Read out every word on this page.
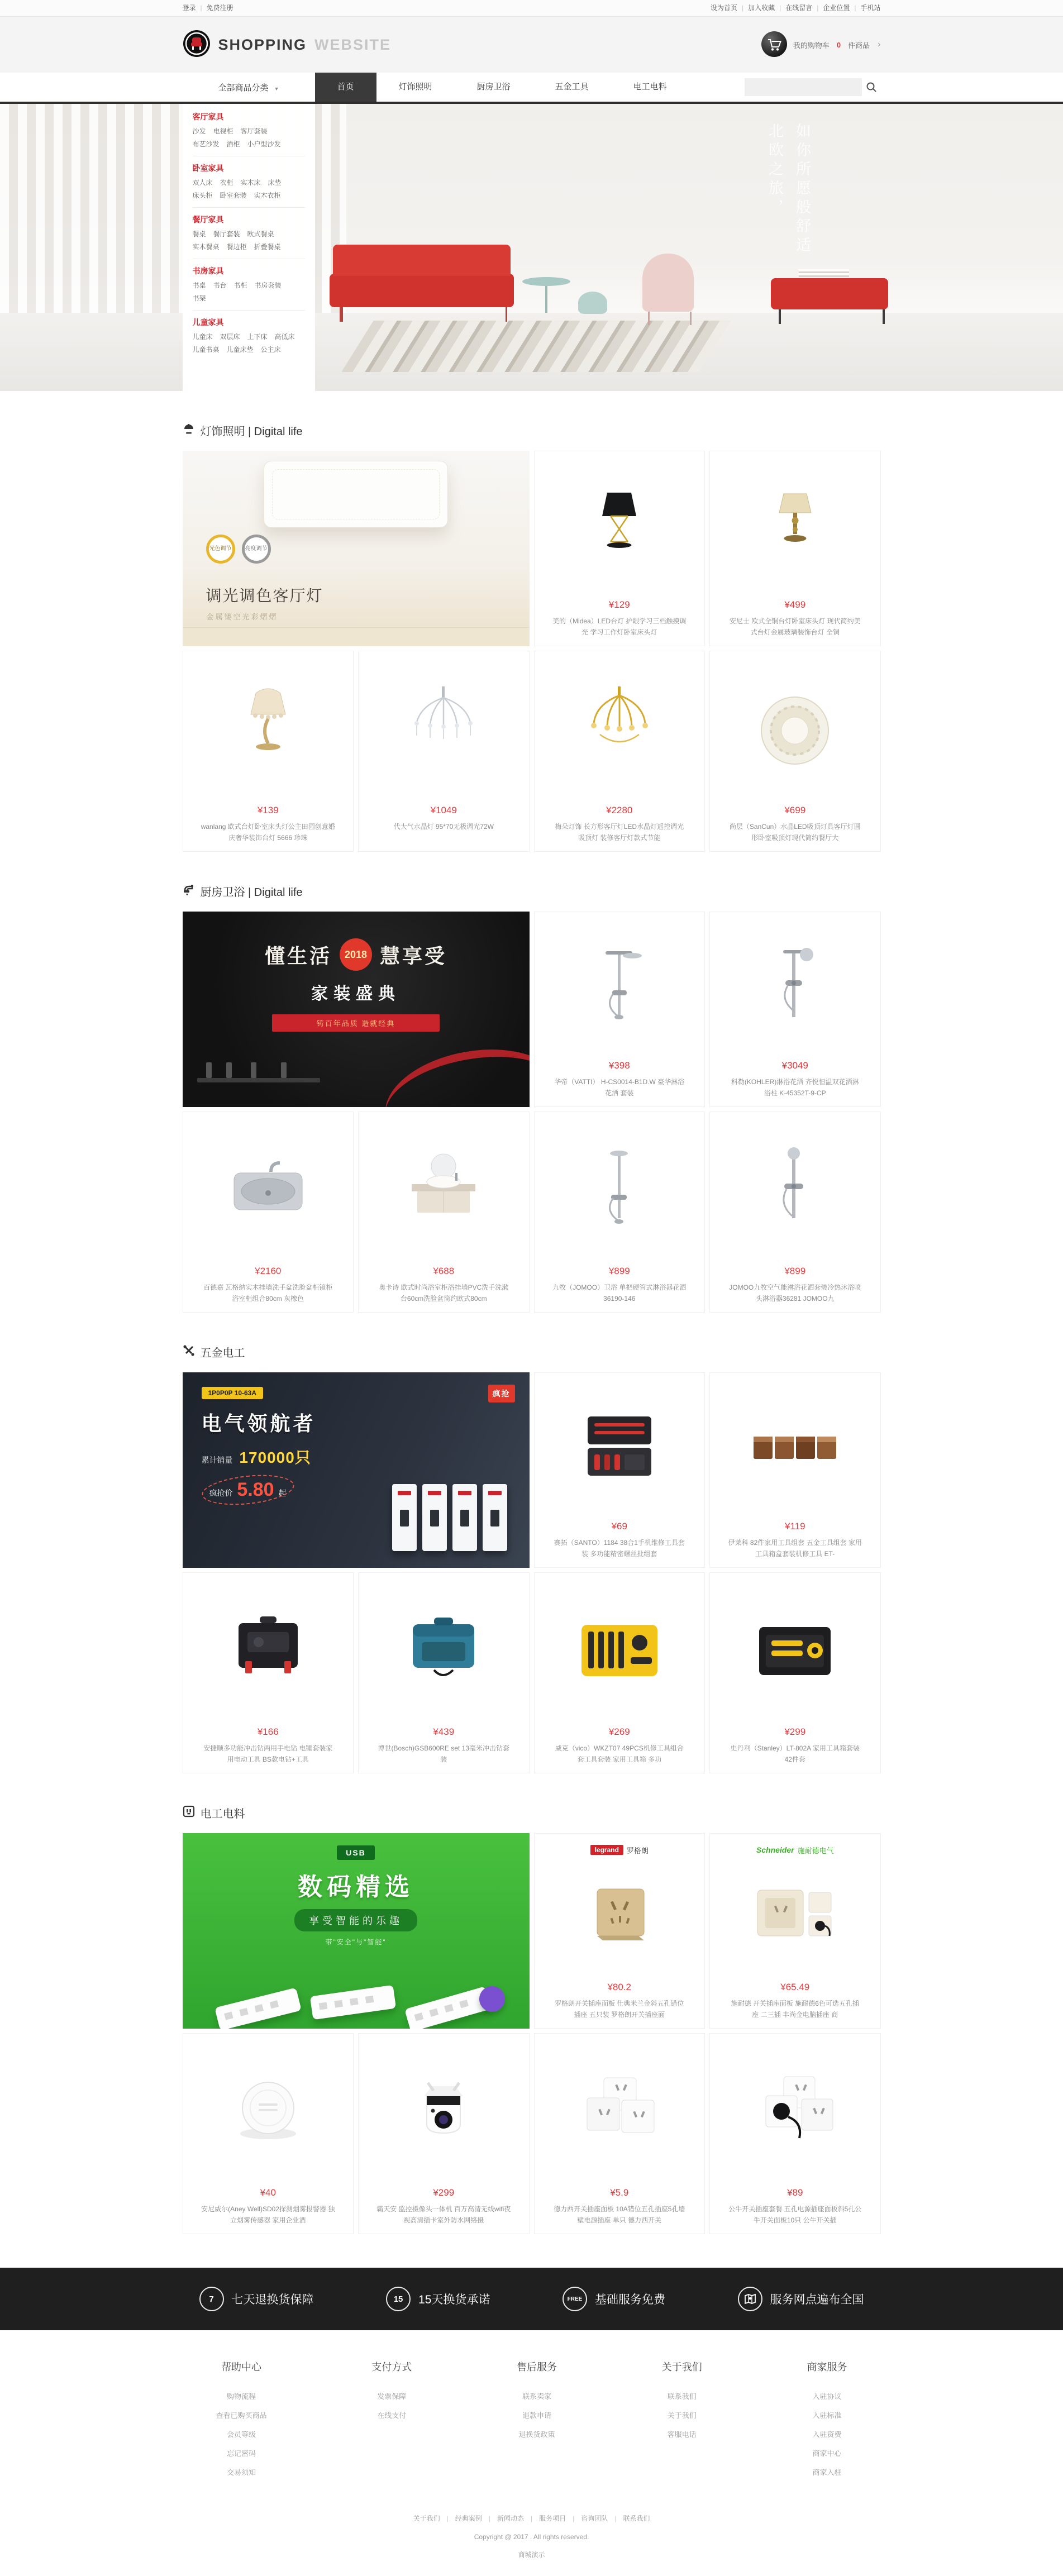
登录 | 免费注册	设为首页 | 加入收藏 | 在线留言 | 企业位置 | 手机站
SHOPPING WEBSITE	我的购物车 0 件商品 ›
全部商品分类 ▼	首页	灯饰照明	厨房卫浴	五金工具	电工电料
如你所愿般舒适
北欧之旅，
客厅家具
沙发 电视柜 客厅套装布艺沙发 酒柜 小户型沙发
卧室家具
双人床 衣柜 实木床 床垫床头柜 卧室套装 实木衣柜
餐厅家具
餐桌 餐厅套装 欧式餐桌实木餐桌 餐边柜 折叠餐桌
书房家具
书桌 书台 书柜 书房套装书架
儿童家具
儿童床 双层床 上下床 高低床儿童书桌 儿童床垫 公主床
灯饰照明 | Digital life
光色调节	亮度调节
调光调色客厅灯
金属镂空光彩熠熠
¥129
美的（Midea）LED台灯 护眼学习三档触摸调光 学习工作灯卧室床头灯
¥499
安尼士 欧式全铜台灯卧室床头灯 现代简约美式台灯金属玻璃装饰台灯 全铜
¥139
wanlang 欧式台灯卧室床头灯公主田园创意婚庆奢华装饰台灯 5666 珍珠
¥1049
代大气水晶灯 95*70无极调光72W
¥2280
梅朵灯饰 长方形客厅灯LED水晶灯遥控调光吸顶灯 装修客厅灯款式节能
¥699
尚层（SanCun）水晶LED吸顶灯具客厅灯圆形卧室吸顶灯现代简约餐厅大
厨房卫浴 | Digital life
懂生活	2018 慧享受
家装盛典
铸百年品质 造就经典
¥398
华帝（VATTI） H-CS0014-B1D.W 豪华淋浴 花洒 套装
¥3049
科勒(KOHLER)淋浴花洒 齐悦恒温双花洒淋浴柱 K-45352T-9-CP
¥2160
百德嘉 瓦格纳实木挂墙洗手盆洗脸盆柜镜柜浴室柜组合80cm 灰橡色
¥688
奥卡诗 欧式时尚浴室柜浴挂墙PVC洗手洗漱台60cm洗脸盆简约欧式80cm
¥899
九牧（JOMOO）卫浴 单把硬管式淋浴器花洒36190-146
¥899
JOMOO九牧空气能淋浴花洒套装冷热沐浴喷头淋浴器36281 JOMOO九
五金电工
1P0P0P 10-63A
电气领航者
累计销量 170000只
疯抢价 5.80 起
疯抢
¥69
赛拓（SANTO）1184 38合1手机维修工具套装 多功能精密螺丝批组套
¥119
伊莱科 82件家用工具组套 五金工具组套 家用工具箱盒套装机修工具 ET-
¥166
安捷顺多功能冲击钻两用手电钻 电锤套装家用电动工具 BS款电钻+工具
¥439
博世(Bosch)GSB600RE set 13毫米冲击钻套装
¥269
威克（vico）WKZT07 49PCS机修工具组合 套工具套装 家用工具箱 多功
¥299
史丹利（Stanley）LT-802A 家用工具箱套装42件套
电工电料
USB
数码精选
享受智能的乐趣
带"安全"与"智能"
legrand	罗格朗
¥80.2
罗格朗开关插座面板 仕典米兰金斜五孔错位插座 五只装 罗格朗开关插座面
Schneider 施耐德电气
¥65.49
施耐德 开关插座面板 施耐德6色可选五孔插座 二三插 丰尚金电脑插座 商
¥40
安尼威尔(Aney Well)SD02探测烟雾报警器 独立烟雾传感器 家用企业酒
¥299
霸天安 监控摄像头一体机 百万高清无线wifi夜视高清插卡室外防水网络摄
¥5.9
德力西开关插座面板 10A错位五孔插座5孔墙壁电源插座 单只 德力西开关
¥89
公牛开关插座套餐 五孔电源插座面板斜5孔公牛开关面板10只 公牛开关插
7	七天退换货保障	15	15天换货承诺	FREE	基础服务免费	服务网点遍布全国
帮助中心
购物流程
查看已购买商品
会员等级
忘记密码
交易须知
支付方式
发票保障
在线支付
售后服务
联系卖家
退款申请
退换货政策
关于我们
联系我们
关于我们
客服电话
商家服务
入驻协议
入驻标准
入驻资费
商家中心
商家入驻
关于我们 | 经典案例 | 新闻动态 | 服务项目 | 咨询团队 | 联系我们
Copyright @ 2017 . All rights reserved.
商城演示
